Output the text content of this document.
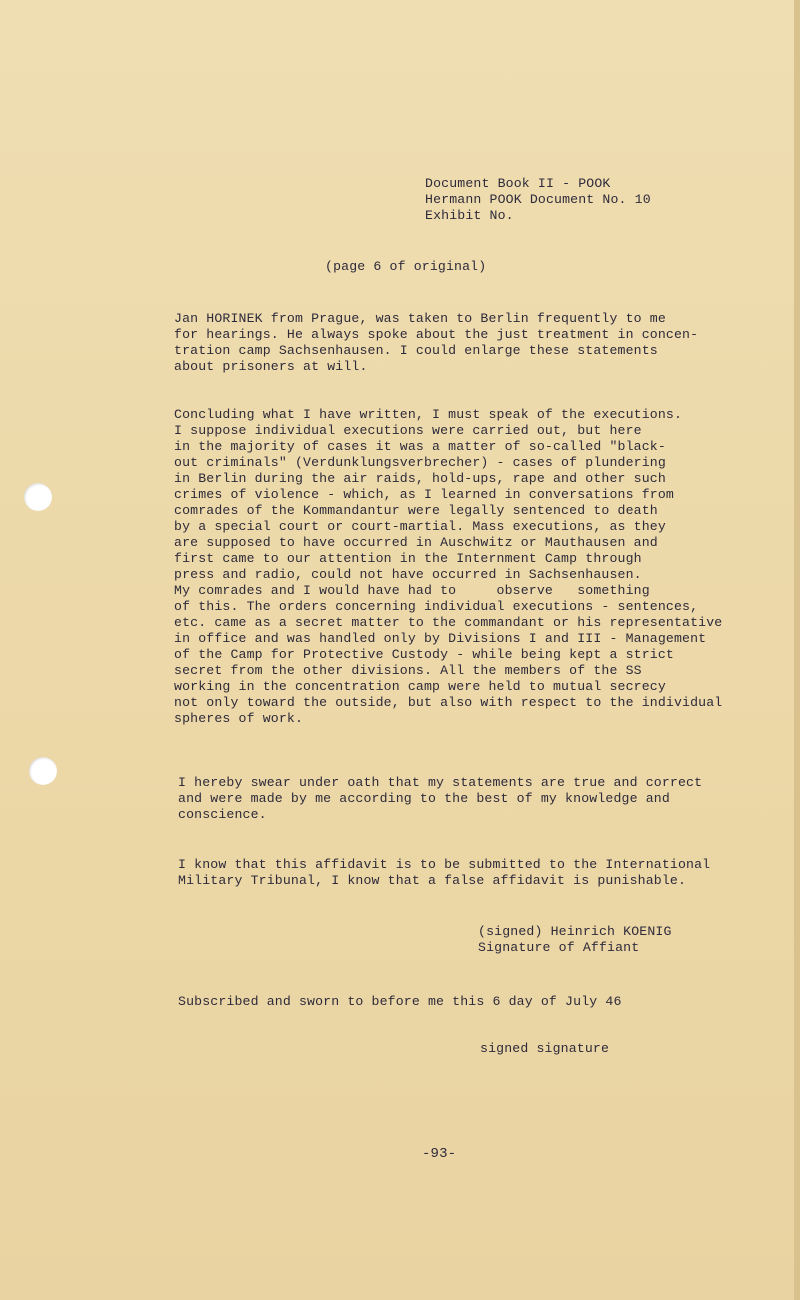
Document Book II - POOK
Hermann POOK Document No. 10
Exhibit No.
(page 6 of original)
Jan HORINEK from Prague, was taken to Berlin frequently to me
for hearings. He always spoke about the just treatment in concen-
tration camp Sachsenhausen. I could enlarge these statements
about prisoners at will.
Concluding what I have written, I must speak of the executions.
I suppose individual executions were carried out, but here
in the majority of cases it was a matter of so-called "black-
out criminals" (Verdunklungsverbrecher) - cases of plundering
in Berlin during the air raids, hold-ups, rape and other such
crimes of violence - which, as I learned in conversations from
comrades of the Kommandantur were legally sentenced to death
by a special court or court-martial. Mass executions, as they
are supposed to have occurred in Auschwitz or Mauthausen and
first came to our attention in the Internment Camp through
press and radio, could not have occurred in Sachsenhausen.
My comrades and I would have had to     observe   something
of this. The orders concerning individual executions - sentences,
etc. came as a secret matter to the commandant or his representative
in office and was handled only by Divisions I and III - Management
of the Camp for Protective Custody - while being kept a strict
secret from the other divisions. All the members of the SS
working in the concentration camp were held to mutual secrecy
not only toward the outside, but also with respect to the individual
spheres of work.
I hereby swear under oath that my statements are true and correct
and were made by me according to the best of my knowledge and
conscience.
I know that this affidavit is to be submitted to the International
Military Tribunal, I know that a false affidavit is punishable.
(signed) Heinrich KOENIG
Signature of Affiant
Subscribed and sworn to before me this 6 day of July 46
signed signature
-93-
